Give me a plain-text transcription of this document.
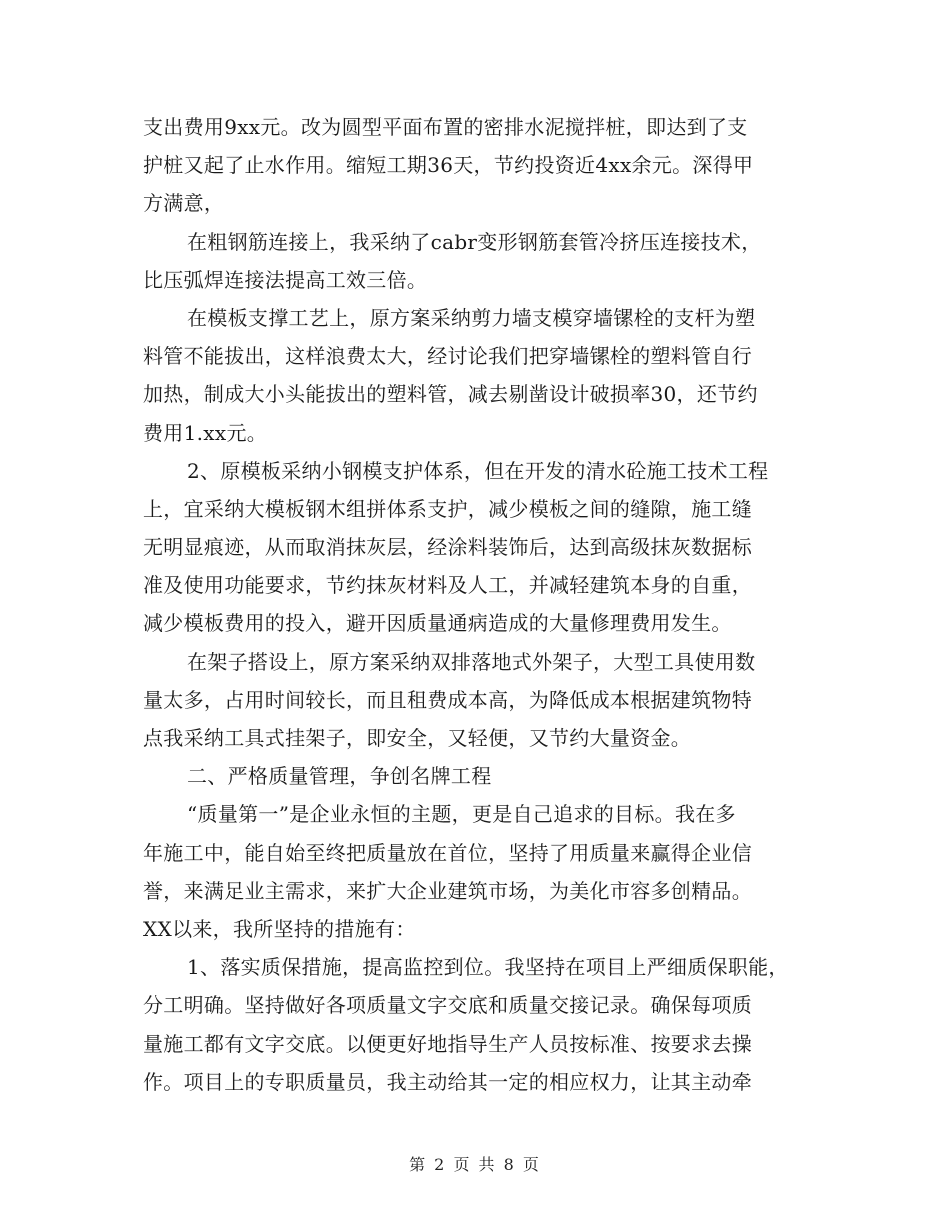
支出费用9xx元。改为圆型平面布置的密排水泥搅拌桩，即达到了支
护桩又起了止水作用。缩短工期36天，节约投资近4xx余元。深得甲
方满意，
在粗钢筋连接上，我采纳了cabr变形钢筋套管冷挤压连接技术，
比压弧焊连接法提高工效三倍。
在模板支撑工艺上，原方案采纳剪力墙支模穿墙镙栓的支杆为塑
料管不能拔出，这样浪费太大，经讨论我们把穿墙镙栓的塑料管自行
加热，制成大小头能拔出的塑料管，减去剔凿设计破损率30，还节约
费用1.xx元。
2、原模板采纳小钢模支护体系，但在开发的清水砼施工技术工程
上，宜采纳大模板钢木组拼体系支护，减少模板之间的缝隙，施工缝
无明显痕迹，从而取消抹灰层，经涂料装饰后，达到高级抹灰数据标
准及使用功能要求，节约抹灰材料及人工，并减轻建筑本身的自重，
减少模板费用的投入，避开因质量通病造成的大量修理费用发生。
在架子搭设上，原方案采纳双排落地式外架子，大型工具使用数
量太多，占用时间较长，而且租费成本高，为降低成本根据建筑物特
点我采纳工具式挂架子，即安全，又轻便，又节约大量资金。
二、严格质量管理，争创名牌工程
“质量第一”是企业永恒的主题，更是自己追求的目标。我在多
年施工中，能自始至终把质量放在首位，坚持了用质量来赢得企业信
誉，来满足业主需求，来扩大企业建筑市场，为美化市容多创精品。
XX以来，我所坚持的措施有：
1、落实质保措施，提高监控到位。我坚持在项目上严细质保职能，
分工明确。坚持做好各项质量文字交底和质量交接记录。确保每项质
量施工都有文字交底。以便更好地指导生产人员按标准、按要求去操
作。项目上的专职质量员，我主动给其一定的相应权力，让其主动牵
第 2 页 共 8 页
